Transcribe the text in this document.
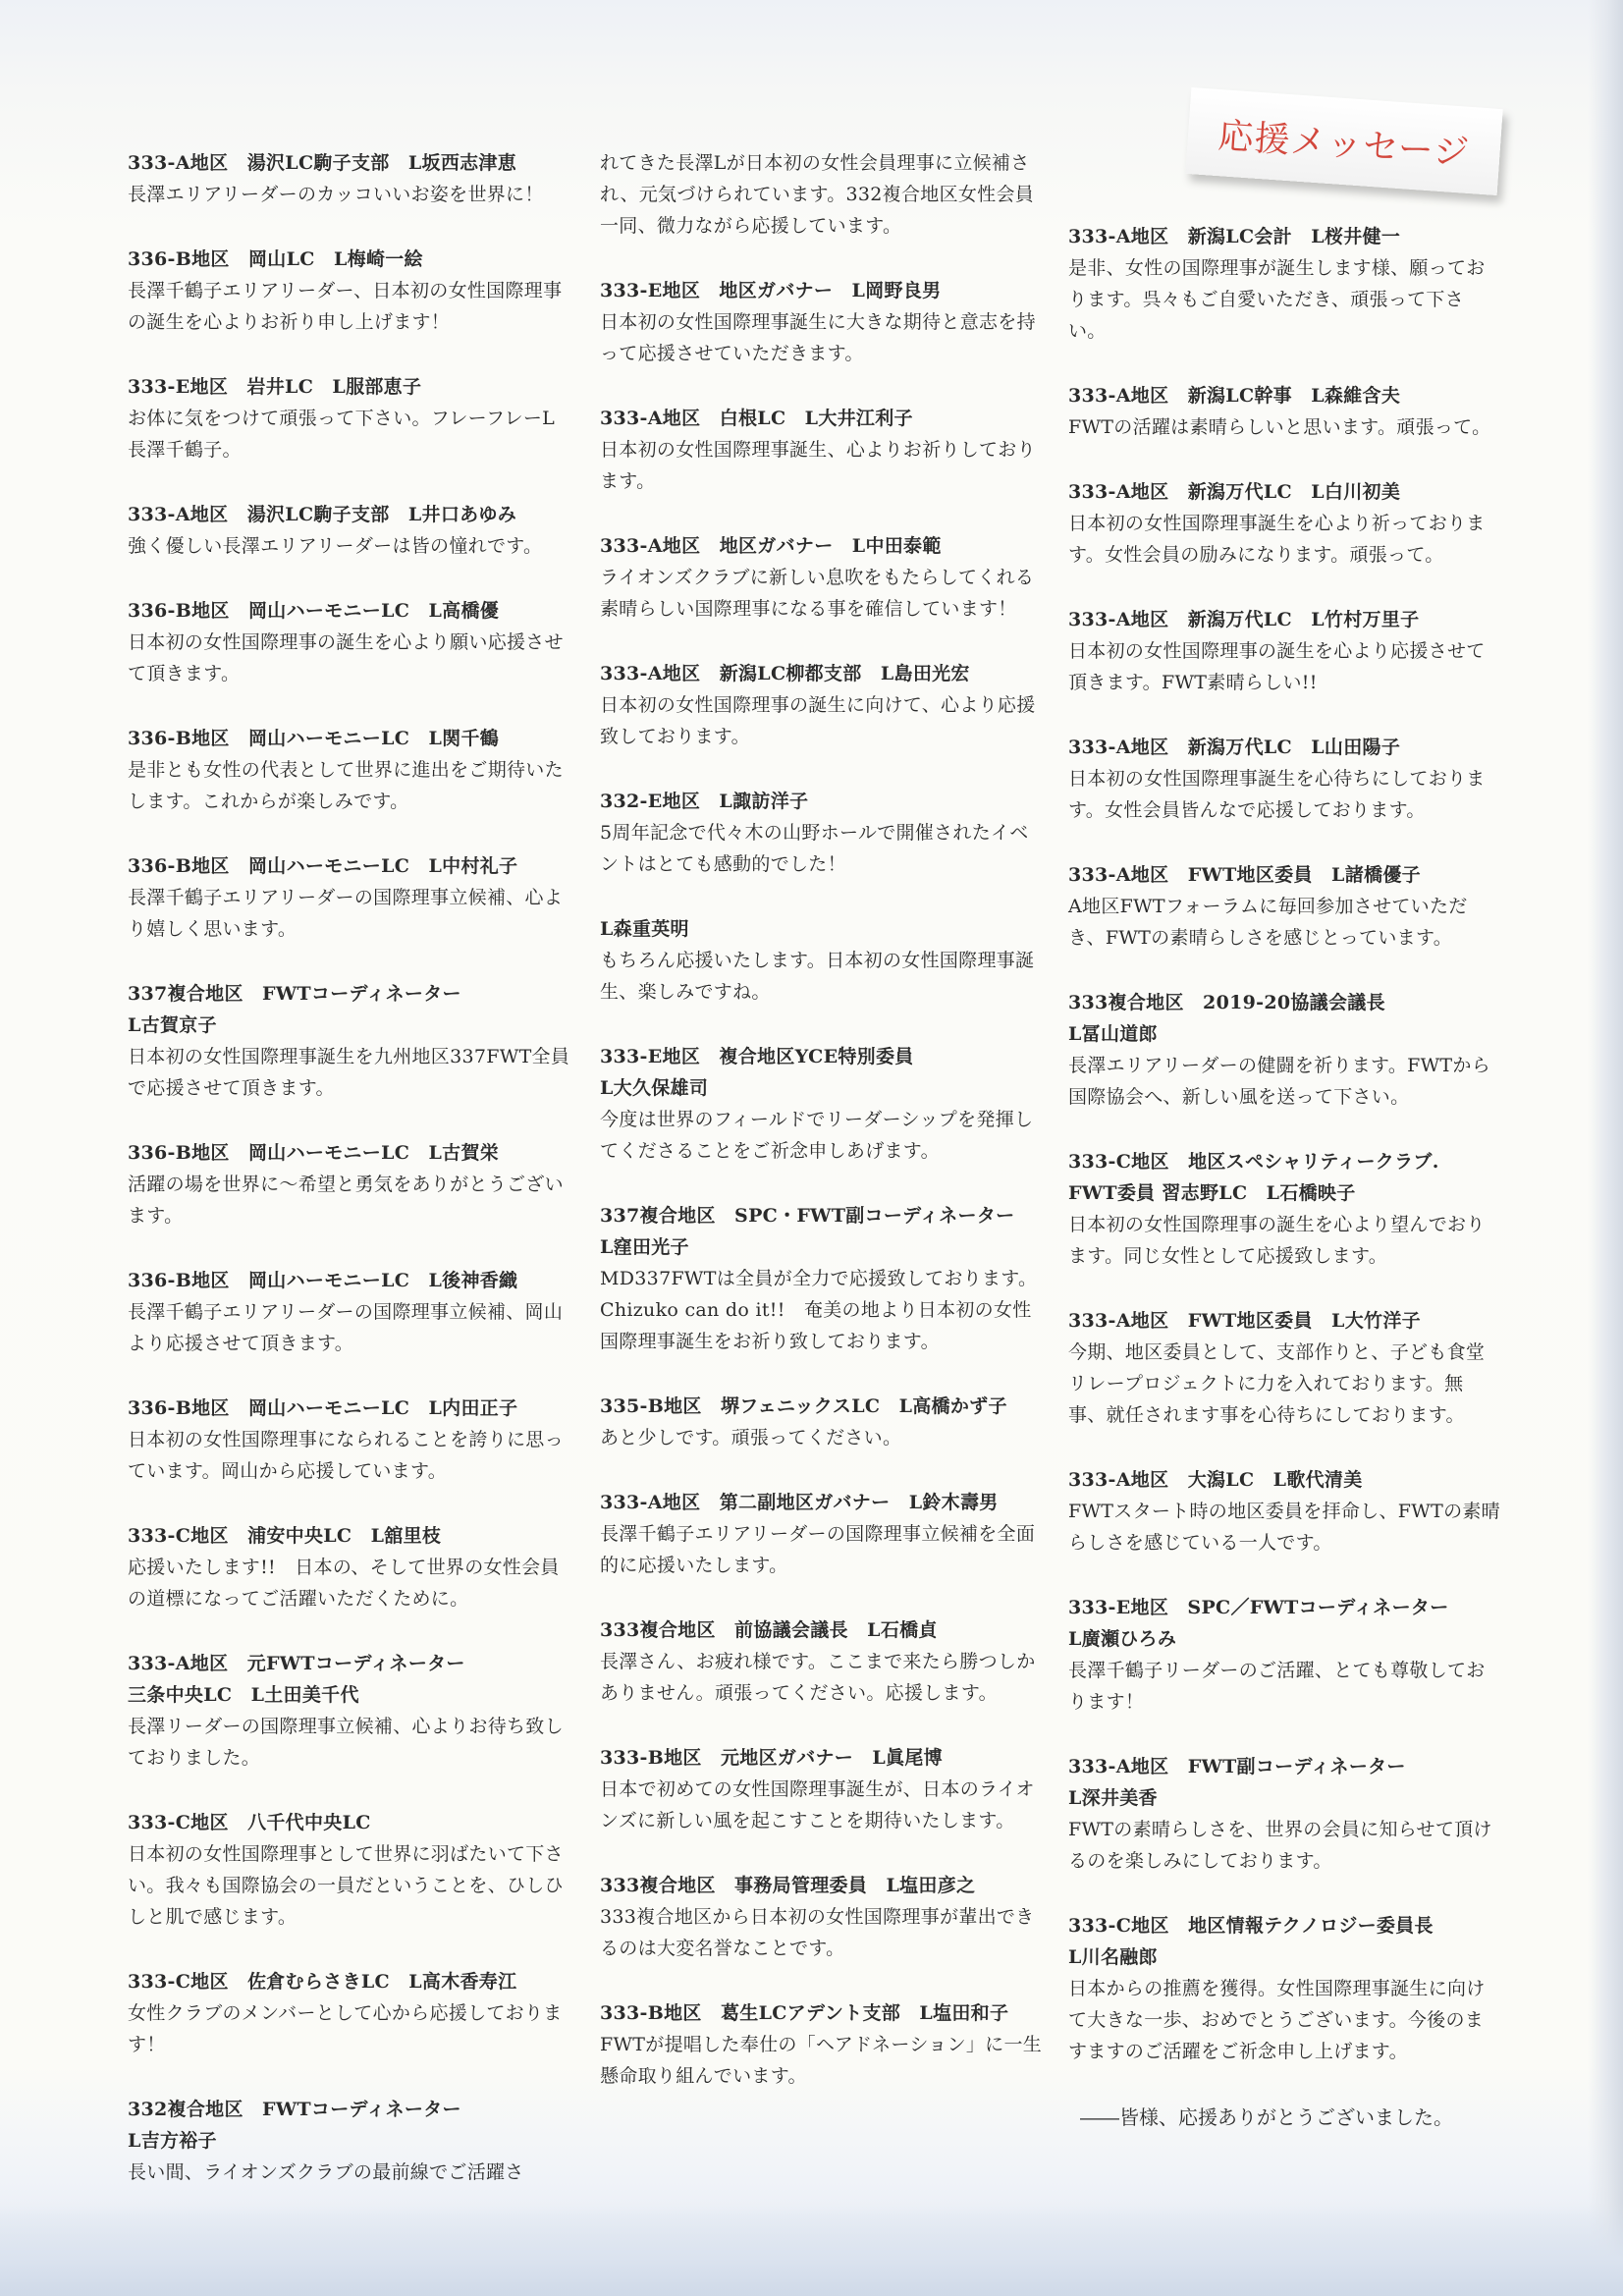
応援メッセージ
333-A地区　湯沢LC駒子支部　L坂西志津恵
長澤エリアリーダーのカッコいいお姿を世界に！
336-B地区　岡山LC　L梅崎一絵
長澤千鶴子エリアリーダー、日本初の女性国際理事の誕生を心よりお祈り申し上げます！
333-E地区　岩井LC　L服部恵子
お体に気をつけて頑張って下さい。フレーフレーL長澤千鶴子。
333-A地区　湯沢LC駒子支部　L井口あゆみ
強く優しい長澤エリアリーダーは皆の憧れです。
336-B地区　岡山ハーモニーLC　L高橋優
日本初の女性国際理事の誕生を心より願い応援させて頂きます。
336-B地区　岡山ハーモニーLC　L関千鶴
是非とも女性の代表として世界に進出をご期待いたします。これからが楽しみです。
336-B地区　岡山ハーモニーLC　L中村礼子
長澤千鶴子エリアリーダーの国際理事立候補、心より嬉しく思います。
337複合地区　FWTコーディネーター
L古賀京子
日本初の女性国際理事誕生を九州地区337FWT全員で応援させて頂きます。
336-B地区　岡山ハーモニーLC　L古賀栄
活躍の場を世界に～希望と勇気をありがとうございます。
336-B地区　岡山ハーモニーLC　L後神香織
長澤千鶴子エリアリーダーの国際理事立候補、岡山より応援させて頂きます。
336-B地区　岡山ハーモニーLC　L内田正子
日本初の女性国際理事になられることを誇りに思っています。岡山から応援しています。
333-C地区　浦安中央LC　L舘里枝
応援いたします!!　日本の、そして世界の女性会員の道標になってご活躍いただくために。
333-A地区　元FWTコーディネーター
三条中央LC　L土田美千代
長澤リーダーの国際理事立候補、心よりお待ち致しておりました。
333-C地区　八千代中央LC
日本初の女性国際理事として世界に羽ばたいて下さい。我々も国際協会の一員だということを、ひしひしと肌で感じます。
333-C地区　佐倉むらさきLC　L高木香寿江
女性クラブのメンバーとして心から応援しております！
332複合地区　FWTコーディネーター
L吉方裕子
長い間、ライオンズクラブの最前線でご活躍さ
れてきた長澤Lが日本初の女性会員理事に立候補され、元気づけられています。332複合地区女性会員一同、微力ながら応援しています。
333-E地区　地区ガバナー　L岡野良男
日本初の女性国際理事誕生に大きな期待と意志を持って応援させていただきます。
333-A地区　白根LC　L大井江利子
日本初の女性国際理事誕生、心よりお祈りしております。
333-A地区　地区ガバナー　L中田泰範
ライオンズクラブに新しい息吹をもたらしてくれる素晴らしい国際理事になる事を確信しています！
333-A地区　新潟LC柳都支部　L島田光宏
日本初の女性国際理事の誕生に向けて、心より応援致しております。
332-E地区　L諏訪洋子
5周年記念で代々木の山野ホールで開催されたイベントはとても感動的でした！
L森重英明
もちろん応援いたします。日本初の女性国際理事誕生、楽しみですね。
333-E地区　複合地区YCE特別委員
L大久保雄司
今度は世界のフィールドでリーダーシップを発揮してくださることをご祈念申しあげます。
337複合地区　SPC・FWT副コーディネーター
L窪田光子
MD337FWTは全員が全力で応援致しております。 Chizuko can do it!!　奄美の地より日本初の女性国際理事誕生をお祈り致しております。
335-B地区　堺フェニックスLC　L高橋かず子
あと少しです。頑張ってください。
333-A地区　第二副地区ガバナー　L鈴木壽男
長澤千鶴子エリアリーダーの国際理事立候補を全面的に応援いたします。
333複合地区　前協議会議長　L石橋貞
長澤さん、お疲れ様です。ここまで来たら勝つしかありません。頑張ってください。応援します。
333-B地区　元地区ガバナー　L眞尾博
日本で初めての女性国際理事誕生が、日本のライオンズに新しい風を起こすことを期待いたします。
333複合地区　事務局管理委員　L塩田彦之
333複合地区から日本初の女性国際理事が輩出できるのは大変名誉なことです。
333-B地区　葛生LCアデント支部　L塩田和子
FWTが提唱した奉仕の「ヘアドネーション」に一生懸命取り組んでいます。
333-A地区　新潟LC会計　L桜井健一
是非、女性の国際理事が誕生します様、願っております。呉々もご自愛いただき、頑張って下さい。
333-A地区　新潟LC幹事　L森維含夫
FWTの活躍は素晴らしいと思います。頑張って。
333-A地区　新潟万代LC　L白川初美
日本初の女性国際理事誕生を心より祈っております。女性会員の励みになります。頑張って。
333-A地区　新潟万代LC　L竹村万里子
日本初の女性国際理事の誕生を心より応援させて頂きます。FWT素晴らしい!!
333-A地区　新潟万代LC　L山田陽子
日本初の女性国際理事誕生を心待ちにしております。女性会員皆んなで応援しております。
333-A地区　FWT地区委員　L諸橋優子
A地区FWTフォーラムに毎回参加させていただき、FWTの素晴らしさを感じとっています。
333複合地区　2019-20協議会議長
L冨山道郎
長澤エリアリーダーの健闘を祈ります。FWTから国際協会へ、新しい風を送って下さい。
333-C地区　地区スペシャリティークラブ.
FWT委員 習志野LC　L石橋映子
日本初の女性国際理事の誕生を心より望んでおります。同じ女性として応援致します。
333-A地区　FWT地区委員　L大竹洋子
今期、地区委員として、支部作りと、子ども食堂リレープロジェクトに力を入れております。無事、就任されます事を心待ちにしております。
333-A地区　大潟LC　L歌代清美
FWTスタート時の地区委員を拝命し、FWTの素晴らしさを感じている一人です。
333-E地区　SPC／FWTコーディネーター
L廣瀬ひろみ
長澤千鶴子リーダーのご活躍、とても尊敬しております！
333-A地区　FWT副コーディネーター
L深井美香
FWTの素晴らしさを、世界の会員に知らせて頂けるのを楽しみにしております。
333-C地区　地区情報テクノロジー委員長
L川名融郎
日本からの推薦を獲得。女性国際理事誕生に向けて大きな一歩、おめでとうございます。今後のますますのご活躍をご祈念申し上げます。
――皆様、応援ありがとうございました。
